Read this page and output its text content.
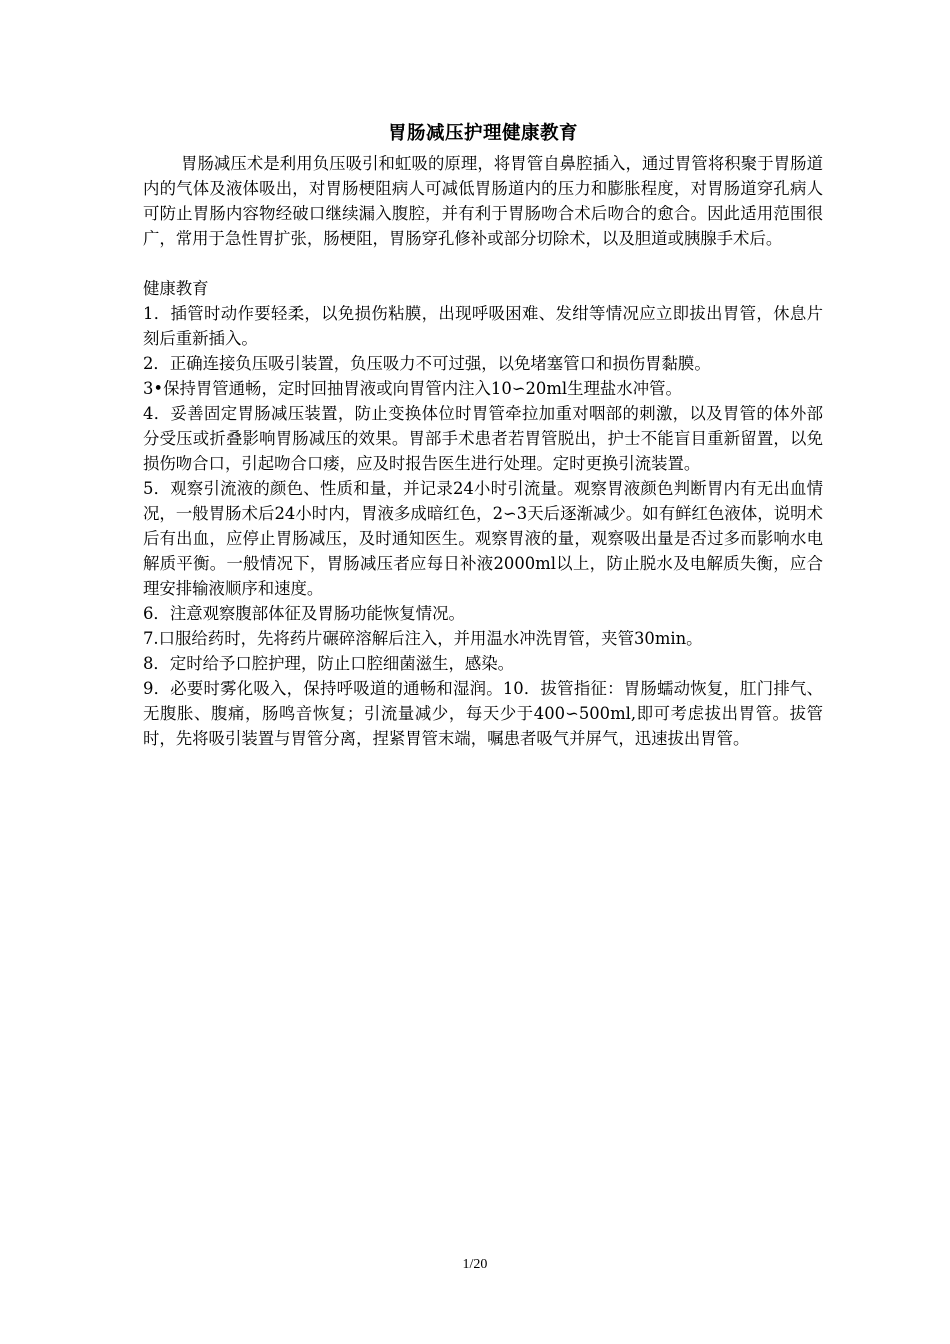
胃肠减压护理健康教育

胃肠减压术是利用负压吸引和虹吸的原理，将胃管自鼻腔插入，通过胃管将积聚于胃肠道内的气体及液体吸出，对胃肠梗阻病人可减低胃肠道内的压力和膨胀程度，对胃肠道穿孔病人可防止胃肠内容物经破口继续漏入腹腔，并有利于胃肠吻合术后吻合的愈合。因此适用范围很广，常用于急性胃扩张，肠梗阻，胃肠穿孔修补或部分切除术，以及胆道或胰腺手术后。

健康教育

1．插管时动作要轻柔，以免损伤粘膜，出现呼吸困难、发绀等情况应立即拔出胃管，休息片刻后重新插入。

2．正确连接负压吸引装置，负压吸力不可过强，以免堵塞管口和损伤胃黏膜。

3•保持胃管通畅，定时回抽胃液或向胃管内注入10∽20ml生理盐水冲管。

4．妥善固定胃肠减压装置，防止变换体位时胃管牵拉加重对咽部的刺激，以及胃管的体外部分受压或折叠影响胃肠减压的效果。胃部手术患者若胃管脱出，护士不能盲目重新留置，以免损伤吻合口，引起吻合口瘘，应及时报告医生进行处理。定时更换引流装置。

5．观察引流液的颜色、性质和量，并记录24小时引流量。观察胃液颜色判断胃内有无出血情况，一般胃肠术后24小时内，胃液多成暗红色，2∽3天后逐渐减少。如有鲜红色液体，说明术后有出血，应停止胃肠减压，及时通知医生。观察胃液的量，观察吸出量是否过多而影响水电解质平衡。一般情况下，胃肠减压者应每日补液2000ml以上，防止脱水及电解质失衡，应合理安排输液顺序和速度。

6．注意观察腹部体征及胃肠功能恢复情况。

7.口服给药时，先将药片碾碎溶解后注入，并用温水冲洗胃管，夹管30min。

8．定时给予口腔护理，防止口腔细菌滋生，感染。

9．必要时雾化吸入，保持呼吸道的通畅和湿润。10．拔管指征：胃肠蠕动恢复，肛门排气、无腹胀、腹痛，肠鸣音恢复；引流量减少，每天少于400∽500ml,即可考虑拔出胃管。拔管时，先将吸引装置与胃管分离，捏紧胃管末端，嘱患者吸气并屏气，迅速拔出胃管。

1/20
